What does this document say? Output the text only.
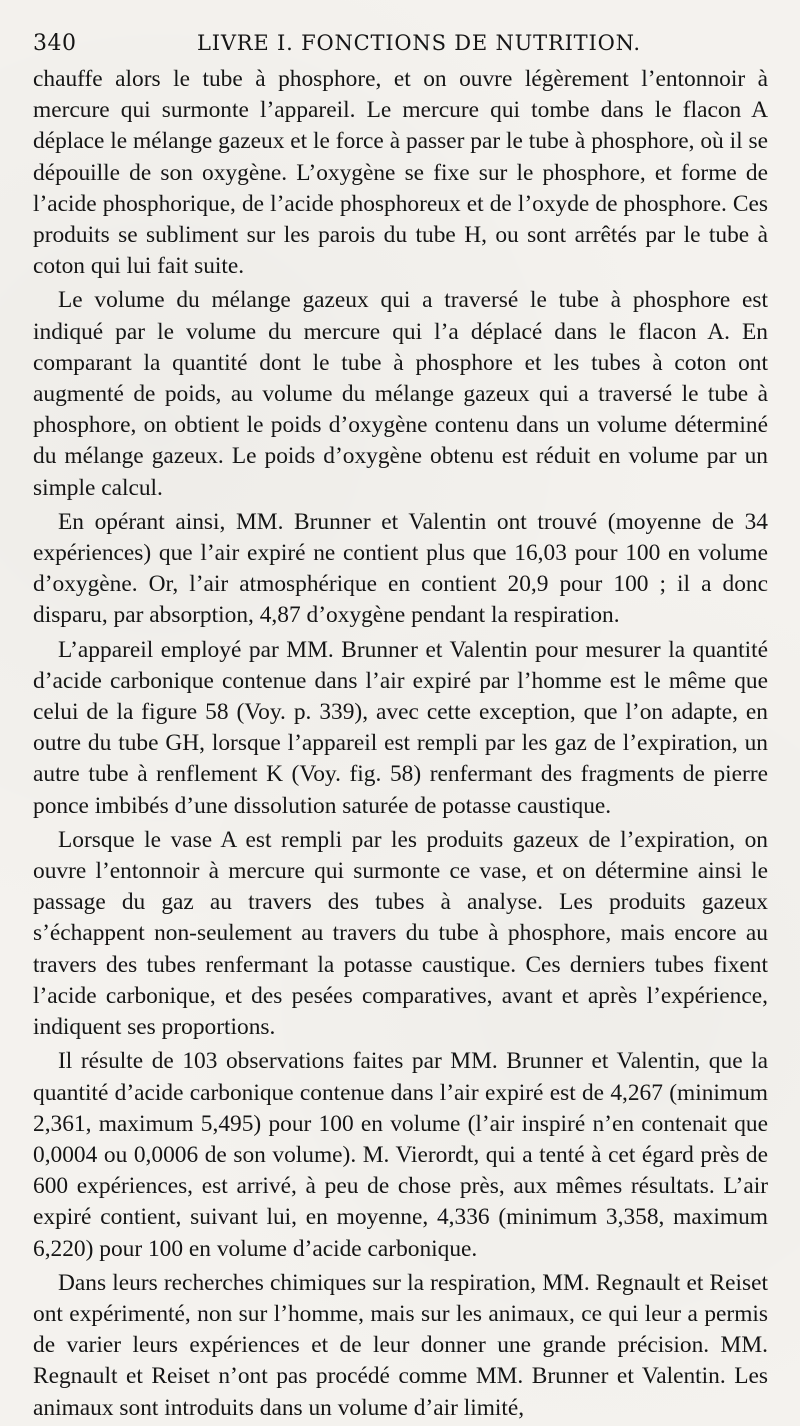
340	LIVRE I. FONCTIONS DE NUTRITION.

chauffe alors le tube à phosphore, et on ouvre légèrement l’entonnoir à mercure qui surmonte l’appareil. Le mercure qui tombe dans le flacon A déplace le mélange gazeux et le force à passer par le tube à phosphore, où il se dépouille de son oxygène. L’oxygène se fixe sur le phosphore, et forme de l’acide phosphorique, de l’acide phosphoreux et de l’oxyde de phosphore. Ces produits se subliment sur les parois du tube H, ou sont arrêtés par le tube à coton qui lui fait suite.

Le volume du mélange gazeux qui a traversé le tube à phosphore est indiqué par le volume du mercure qui l’a déplacé dans le flacon A. En comparant la quantité dont le tube à phosphore et les tubes à coton ont augmenté de poids, au volume du mélange gazeux qui a traversé le tube à phosphore, on obtient le poids d’oxygène contenu dans un volume déterminé du mélange gazeux. Le poids d’oxygène obtenu est réduit en volume par un simple calcul.

En opérant ainsi, MM. Brunner et Valentin ont trouvé (moyenne de 34 expériences) que l’air expiré ne contient plus que 16,03 pour 100 en volume d’oxygène. Or, l’air atmosphérique en contient 20,9 pour 100 ; il a donc disparu, par absorption, 4,87 d’oxygène pendant la respiration.

L’appareil employé par MM. Brunner et Valentin pour mesurer la quantité d’acide carbonique contenue dans l’air expiré par l’homme est le même que celui de la figure 58 (Voy. p. 339), avec cette exception, que l’on adapte, en outre du tube GH, lorsque l’appareil est rempli par les gaz de l’expiration, un autre tube à renflement K (Voy. fig. 58) renfermant des fragments de pierre ponce imbibés d’une dissolution saturée de potasse caustique.

Lorsque le vase A est rempli par les produits gazeux de l’expiration, on ouvre l’entonnoir à mercure qui surmonte ce vase, et on détermine ainsi le passage du gaz au travers des tubes à analyse. Les produits gazeux s’échappent non-seulement au travers du tube à phosphore, mais encore au travers des tubes renfermant la potasse caustique. Ces derniers tubes fixent l’acide carbonique, et des pesées comparatives, avant et après l’expérience, indiquent ses proportions.

Il résulte de 103 observations faites par MM. Brunner et Valentin, que la quantité d’acide carbonique contenue dans l’air expiré est de 4,267 (minimum 2,361, maximum 5,495) pour 100 en volume (l’air inspiré n’en contenait que 0,0004 ou 0,0006 de son volume). M. Vierordt, qui a tenté à cet égard près de 600 expériences, est arrivé, à peu de chose près, aux mêmes résultats. L’air expiré contient, suivant lui, en moyenne, 4,336 (minimum 3,358, maximum 6,220) pour 100 en volume d’acide carbonique.

Dans leurs recherches chimiques sur la respiration, MM. Regnault et Reiset ont expérimenté, non sur l’homme, mais sur les animaux, ce qui leur a permis de varier leurs expériences et de leur donner une grande précision. MM. Regnault et Reiset n’ont pas procédé comme MM. Brunner et Valentin. Les animaux sont introduits dans un volume d’air limité,
